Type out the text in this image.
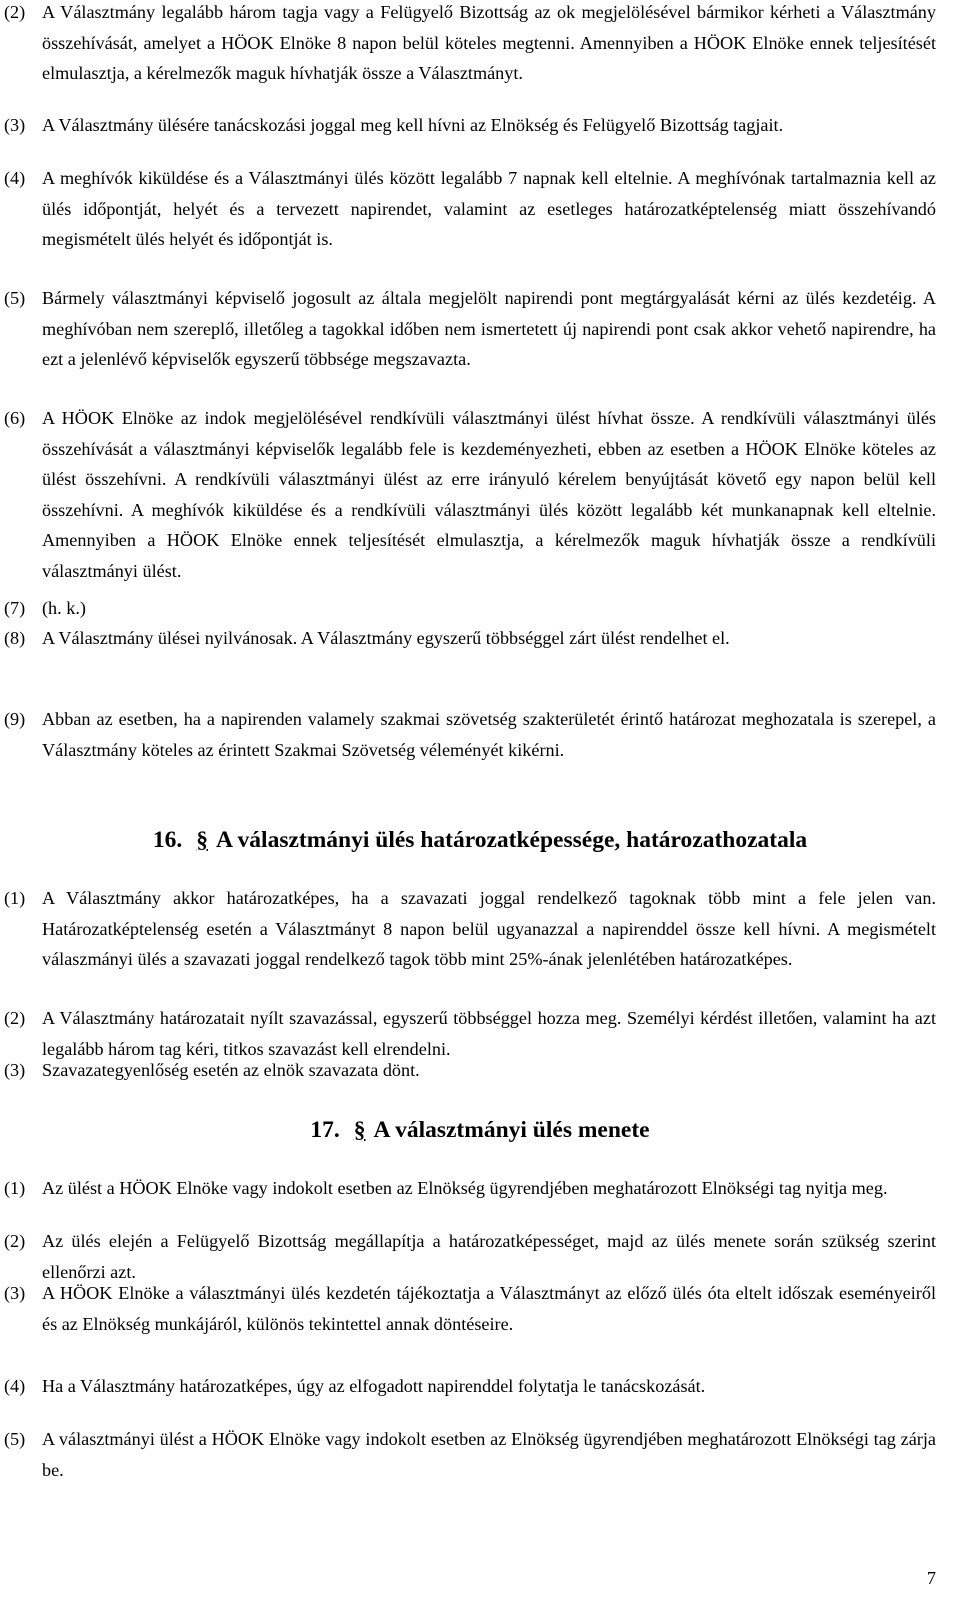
(2) A Választmány legalább három tagja vagy a Felügyelő Bizottság az ok megjelölésével bármikor kérheti a Választmány összehívását, amelyet a HÖOK Elnöke 8 napon belül köteles megtenni. Amennyiben a HÖOK Elnöke ennek teljesítését elmulasztja, a kérelmezők maguk hívhatják össze a Választmányt.
(3) A Választmány ülésére tanácskozási joggal meg kell hívni az Elnökség és Felügyelő Bizottság tagjait.
(4) A meghívók kiküldése és a Választmányi ülés között legalább 7 napnak kell eltelnie. A meghívónak tartalmaznia kell az ülés időpontját, helyét és a tervezett napirendet, valamint az esetleges határozatképtelenség miatt összehívandó megismételt ülés helyét és időpontját is.
(5) Bármely választmányi képviselő jogosult az általa megjelölt napirendi pont megtárgyalását kérni az ülés kezdetéig. A meghívóban nem szereplő, illetőleg a tagokkal időben nem ismertetett új napirendi pont csak akkor vehető napirendre, ha ezt a jelenlévő képviselők egyszerű többsége megszavazta.
(6) A HÖOK Elnöke az indok megjelölésével rendkívüli választmányi ülést hívhat össze. A rendkívüli választmányi ülés összehívását a választmányi képviselők legalább fele is kezdeményezheti, ebben az esetben a HÖOK Elnöke köteles az ülést összehívni. A rendkívüli választmányi ülést az erre irányuló kérelem benyújtását követő egy napon belül kell összehívni. A meghívók kiküldése és a rendkívüli választmányi ülés között legalább két munkanapnak kell eltelnie. Amennyiben a HÖOK Elnöke ennek teljesítését elmulasztja, a kérelmezők maguk hívhatják össze a rendkívüli választmányi ülést.
(7) (h. k.)
(8) A Választmány ülései nyilvánosak. A Választmány egyszerű többséggel zárt ülést rendelhet el.
(9) Abban az esetben, ha a napirenden valamely szakmai szövetség szakterületét érintő határozat meghozatala is szerepel, a Választmány köteles az érintett Szakmai Szövetség véleményét kikérni.
16. § A választmányi ülés határozatképessége, határozathozatala
(1) A Választmány akkor határozatképes, ha a szavazati joggal rendelkező tagoknak több mint a fele jelen van. Határozatképtelenség esetén a Választmányt 8 napon belül ugyanazzal a napirenddel össze kell hívni. A megismételt válaszmányi ülés a szavazati joggal rendelkező tagok több mint 25%-ának jelenlétében határozatképes.
(2) A Választmány határozatait nyílt szavazással, egyszerű többséggel hozza meg. Személyi kérdést illetően, valamint ha azt legalább három tag kéri, titkos szavazást kell elrendelni.
(3) Szavazategyenlőség esetén az elnök szavazata dönt.
17. § A választmányi ülés menete
(1) Az ülést a HÖOK Elnöke vagy indokolt esetben az Elnökség ügyrendjében meghatározott Elnökségi tag nyitja meg.
(2) Az ülés elején a Felügyelő Bizottság megállapítja a határozatképességet, majd az ülés menete során szükség szerint ellenőrzi azt.
(3) A HÖOK Elnöke a választmányi ülés kezdetén tájékoztatja a Választmányt az előző ülés óta eltelt időszak eseményeiről és az Elnökség munkájáról, különös tekintettel annak döntéseire.
(4) Ha a Választmány határozatképes, úgy az elfogadott napirenddel folytatja le tanácskozását.
(5) A választmányi ülést a HÖOK Elnöke vagy indokolt esetben az Elnökség ügyrendjében meghatározott Elnökségi tag zárja be.
7
